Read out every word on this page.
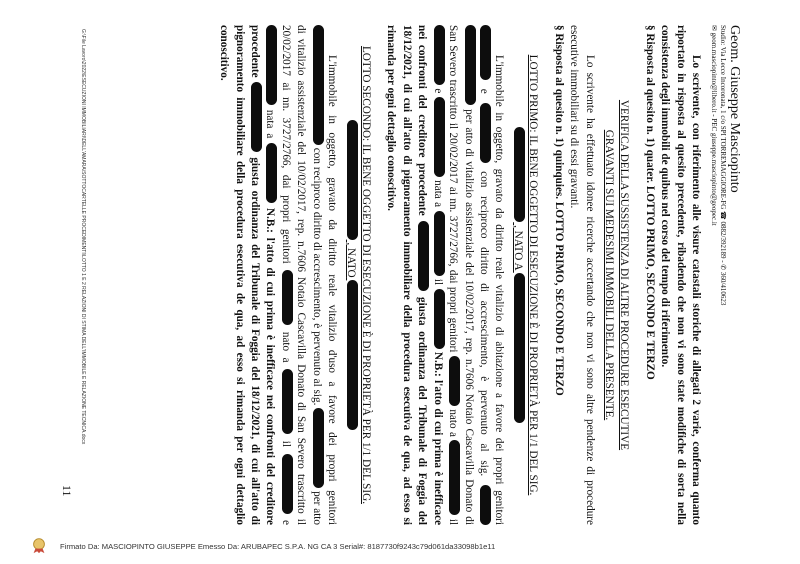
Geom. Giuseppe Masciopinto
Studio: Via Lecce Incoronata, 1 c/o SPI TORREMAGGIORE-FG ☎ 0882/392189 - ✆ 360/410623
✉ geom.masciopinto@libero.it - PEC giuseppe.masciopinto@geopec.it

Lo scrivente, con riferimento alle visure catastali storiche di allegati 2 varie, conferma quanto riportato in risposta al quesito precedente, ribadendo che non vi sono state modifiche di sorta nella consistenza degli immobili de quibus nel corso del tempo di riferimento.

§ Risposta al quesito n. 1) quater. LOTTO PRIMO, SECONDO E TERZO

VERIFICA DELLA SUSSISTENZA DI ALTRE PROCEDURE ESECUTIVE

GRAVANTI SUI MEDESIMI IMMOBILI DELLA PRESENTE.

Lo scrivente ha effettuato idonee ricerche accertando che non vi sono altre pendenze di procedure esecutive immobiliari su di essi gravanti.

§ Risposta al quesito n. 1) quinquies. LOTTO PRIMO, SECONDO E TERZO

LOTTO PRIMO: IL BENE OGGETTO DI ESECUZIONE È DI PROPRIETÀ PER 1/1 DEL SIG.  , NATO A

L'immobile in oggetto, gravato da diritto reale vitalizio di abitazione a favore dei propri genitori  e  con reciproco diritto di accrescimento, è pervenuto al sig.   per atto di vitalizio assistenziale del 10/02/2017, rep. n.7606 Notaio Cascavilla Donato di San Severo trascritto il 20/02/2017 ai nn. 3727/2766, dai propri genitori  nato a  il  e  nata a  il  N.B.: l'atto di cui prima è inefficace nei confronti del creditore procedente  giusta ordinanza del Tribunale di Foggia del 18/12/2021, di cui all'atto di pignoramento immobiliare della procedura esecutiva de qua, ad esso si rimanda per ogni dettaglio conoscitivo.

LOTTO SECONDO: IL BENE OGGETTO DI ESECUZIONE È DI PROPRIETÀ PER 1/1 DEL SIG.  , NATO

L'immobile in oggetto, gravato da diritto reale vitalizio d'uso a favore dei propri genitori  con reciproco diritto di accrescimento, è pervenuto al sig.  per atto di vitalizio assistenziale del 10/02/2017, rep. n.7606 Notaio Cascavilla Donato di San Severo trascritto il 20/02/2017 ai nn. 3727/2766, dai propri genitori  nato a  il  e  nata a  N.B.: l'atto di cui prima è inefficace nei confronti del creditore procedente  giusta ordinanza del Tribunale di Foggia del 18/12/2021, di cui all'atto di pignoramento immobiliare della procedura esecutiva de qua, ad esso si rimanda per ogni dettaglio conoscitivo.

G:\File Lavoro\2022\ESECUZIONI IMMOBILIARI\DELL'AMARA\SOTTOCARTELLE PROCEDIMENTI\LOTTO 1 E 2 RELAZIONI DI STIMA DELL'IMMOBILE E RELAZIONE TECNICA.docx
11
Firmato Da: MASCIOPINTO GIUSEPPE Emesso Da: ARUBAPEC S.P.A. NG CA 3 Serial#: 8187730f9243c79d061da33098b1e11
